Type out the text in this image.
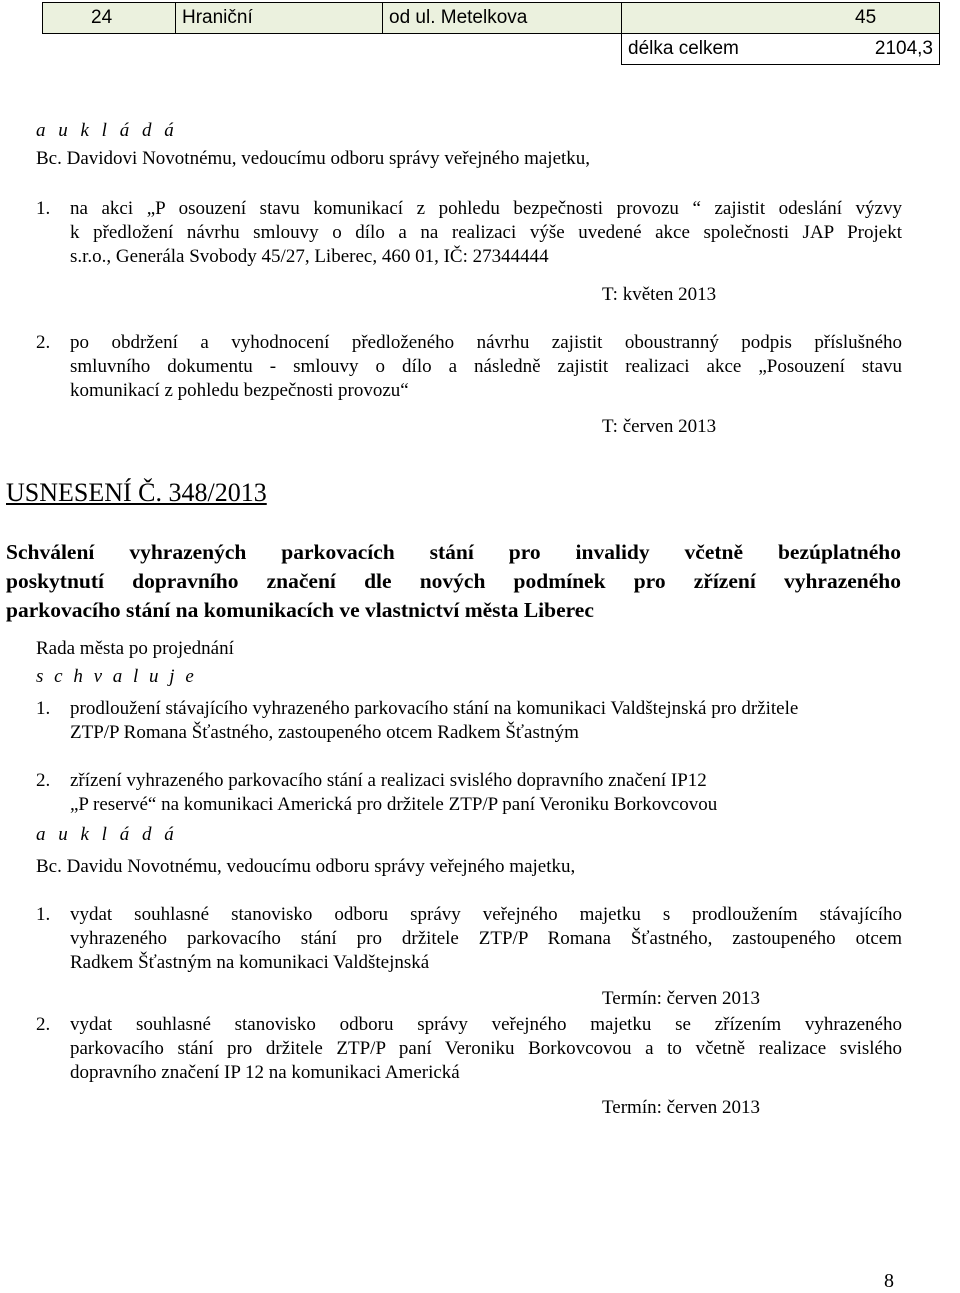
24	Hraniční	od ul. Metelkova	45
			délka celkem 2104,3
a u k l á d á
Bc. Davidovi Novotnému, vedoucímu odboru správy veřejného majetku,
1. na akci „P osouzení stavu komunikací z pohledu bezpečnosti provozu “ zajistit odeslání výzvy
k předložení návrhu smlouvy o dílo a na realizaci výše uvedené akce společnosti JAP Projekt
s.r.o., Generála Svobody 45/27, Liberec, 460 01, IČ: 27344444
T: květen 2013
2. po obdržení a vyhodnocení předloženého návrhu zajistit oboustranný podpis příslušného
smluvního dokumentu - smlouvy o dílo a následně zajistit realizaci akce „Posouzení stavu
komunikací z pohledu bezpečnosti provozu“
T: červen 2013
USNESENÍ Č. 348/2013
Schválení vyhrazených parkovacích stání pro invalidy včetně bezúplatného
poskytnutí dopravního značení dle nových podmínek pro zřízení vyhrazeného
parkovacího stání na komunikacích ve vlastnictví města Liberec
Rada města po projednání
s c h v a l u j e
1. prodloužení stávajícího vyhrazeného parkovacího stání na komunikaci Valdštejnská pro držitele
ZTP/P Romana Šťastného, zastoupeného otcem Radkem Šťastným
2. zřízení vyhrazeného parkovacího stání a realizaci svislého dopravního značení IP12
„P reservé“ na komunikaci Americká pro držitele ZTP/P paní Veroniku Borkovcovou
a u k l á d á
Bc. Davidu Novotnému, vedoucímu odboru správy veřejného majetku,
1. vydat souhlasné stanovisko odboru správy veřejného majetku s prodloužením stávajícího
vyhrazeného parkovacího stání pro držitele ZTP/P Romana Šťastného, zastoupeného otcem
Radkem Šťastným na komunikaci Valdštejnská
Termín: červen 2013
2. vydat souhlasné stanovisko odboru správy veřejného majetku se zřízením vyhrazeného
parkovacího stání pro držitele ZTP/P paní Veroniku Borkovcovou a to včetně realizace svislého
dopravního značení IP 12 na komunikaci Americká
Termín: červen 2013
8
